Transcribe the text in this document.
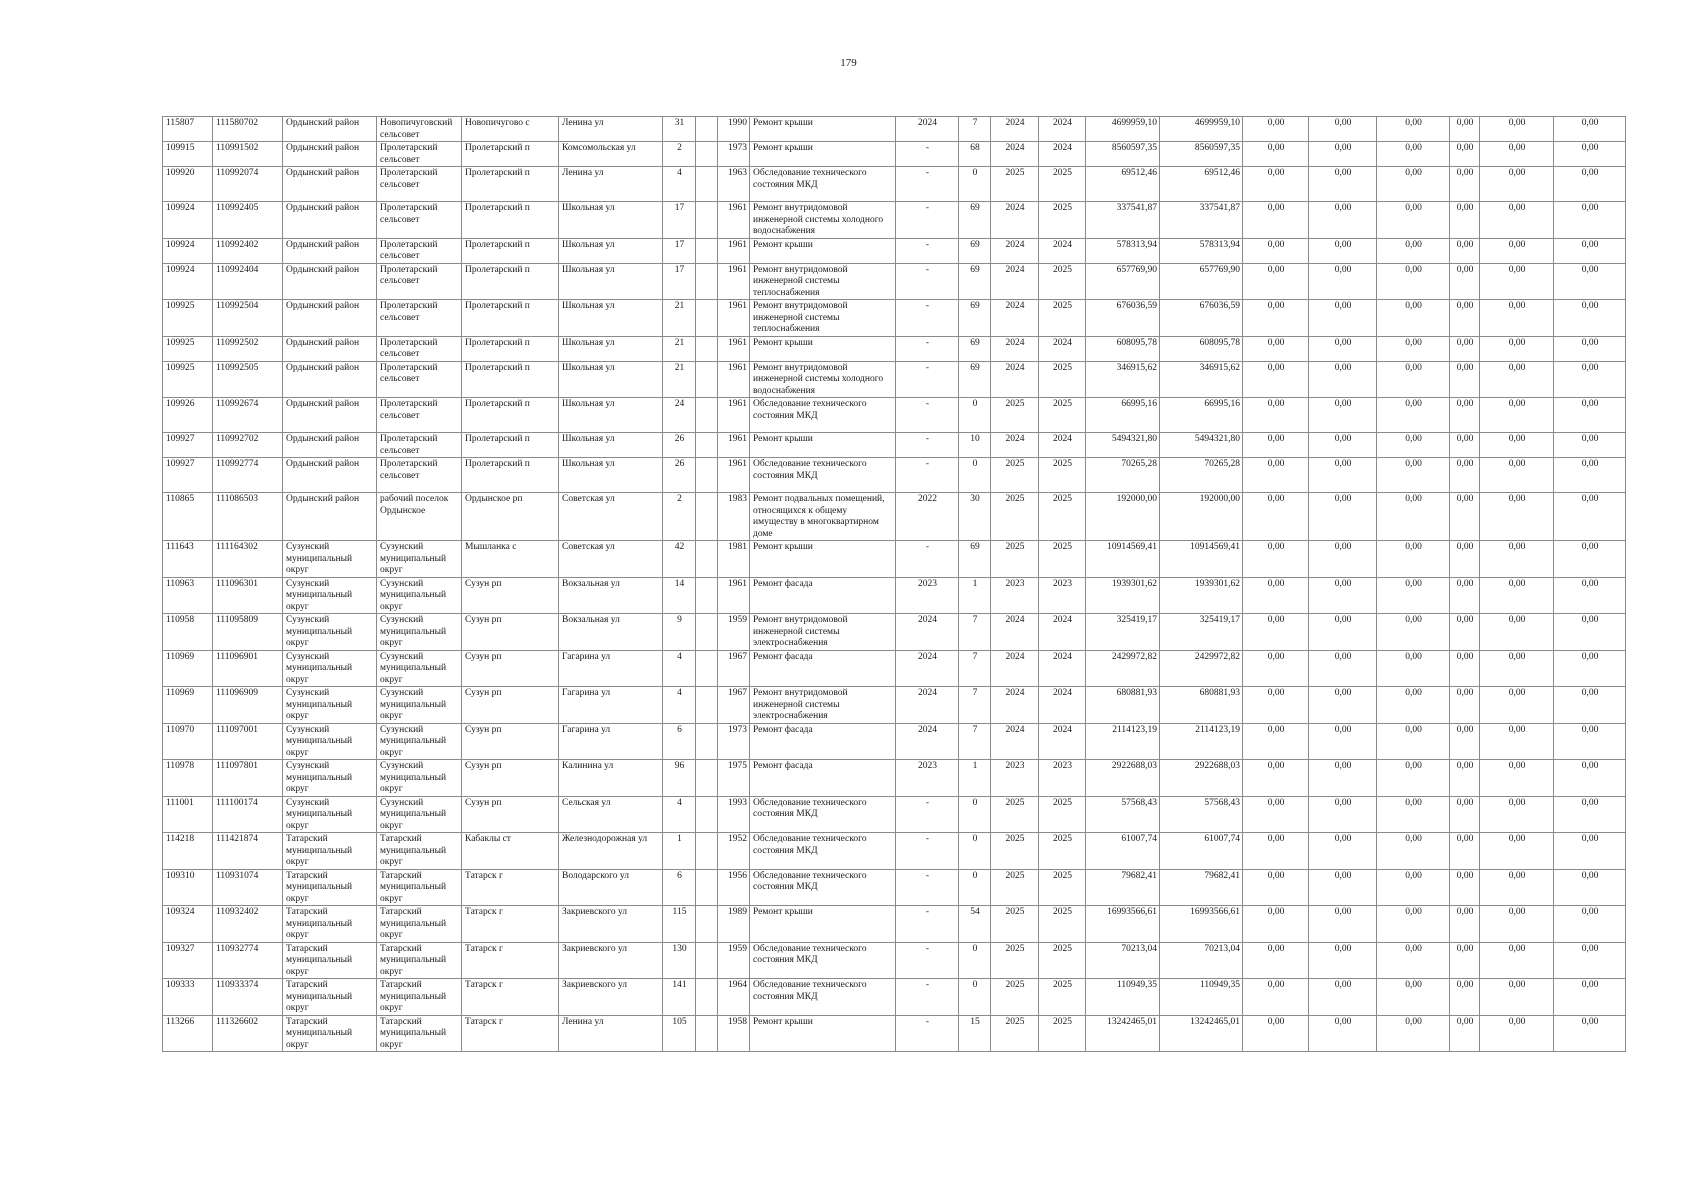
179
115807	111580702	Ордынский район	Новопичуговский сельсовет	Новопичугово с	Ленина ул	31		1990	Ремонт крыши	2024	7	2024	2024	4699959,10	4699959,10	0,00	0,00	0,00	0,00	0,00	0,00
109915	110991502	Ордынский район	Пролетарский сельсовет	Пролетарский п	Комсомольская ул	2		1973	Ремонт крыши	-	68	2024	2024	8560597,35	8560597,35	0,00	0,00	0,00	0,00	0,00	0,00
109920	110992074	Ордынский район	Пролетарский сельсовет	Пролетарский п	Ленина ул	4		1963	Обследование технического состояния МКД	-	0	2025	2025	69512,46	69512,46	0,00	0,00	0,00	0,00	0,00	0,00
109924	110992405	Ордынский район	Пролетарский сельсовет	Пролетарский п	Школьная ул	17		1961	Ремонт внутридомовой инженерной системы холодного водоснабжения	-	69	2024	2025	337541,87	337541,87	0,00	0,00	0,00	0,00	0,00	0,00
109924	110992402	Ордынский район	Пролетарский сельсовет	Пролетарский п	Школьная ул	17		1961	Ремонт крыши	-	69	2024	2024	578313,94	578313,94	0,00	0,00	0,00	0,00	0,00	0,00
109924	110992404	Ордынский район	Пролетарский сельсовет	Пролетарский п	Школьная ул	17		1961	Ремонт внутридомовой инженерной системы теплоснабжения	-	69	2024	2025	657769,90	657769,90	0,00	0,00	0,00	0,00	0,00	0,00
109925	110992504	Ордынский район	Пролетарский сельсовет	Пролетарский п	Школьная ул	21		1961	Ремонт внутридомовой инженерной системы теплоснабжения	-	69	2024	2025	676036,59	676036,59	0,00	0,00	0,00	0,00	0,00	0,00
109925	110992502	Ордынский район	Пролетарский сельсовет	Пролетарский п	Школьная ул	21		1961	Ремонт крыши	-	69	2024	2024	608095,78	608095,78	0,00	0,00	0,00	0,00	0,00	0,00
109925	110992505	Ордынский район	Пролетарский сельсовет	Пролетарский п	Школьная ул	21		1961	Ремонт внутридомовой инженерной системы холодного водоснабжения	-	69	2024	2025	346915,62	346915,62	0,00	0,00	0,00	0,00	0,00	0,00
109926	110992674	Ордынский район	Пролетарский сельсовет	Пролетарский п	Школьная ул	24		1961	Обследование технического состояния МКД	-	0	2025	2025	66995,16	66995,16	0,00	0,00	0,00	0,00	0,00	0,00
109927	110992702	Ордынский район	Пролетарский сельсовет	Пролетарский п	Школьная ул	26		1961	Ремонт крыши	-	10	2024	2024	5494321,80	5494321,80	0,00	0,00	0,00	0,00	0,00	0,00
109927	110992774	Ордынский район	Пролетарский сельсовет	Пролетарский п	Школьная ул	26		1961	Обследование технического состояния МКД	-	0	2025	2025	70265,28	70265,28	0,00	0,00	0,00	0,00	0,00	0,00
110865	111086503	Ордынский район	рабочий поселок Ордынское	Ордынское рп	Советская ул	2		1983	Ремонт подвальных помещений, относящихся к общему имуществу в многоквартирном доме	2022	30	2025	2025	192000,00	192000,00	0,00	0,00	0,00	0,00	0,00	0,00
111643	111164302	Сузунский муниципальный округ	Сузунский муниципальный округ	Мышланка с	Советская ул	42		1981	Ремонт крыши	-	69	2025	2025	10914569,41	10914569,41	0,00	0,00	0,00	0,00	0,00	0,00
110963	111096301	Сузунский муниципальный округ	Сузунский муниципальный округ	Сузун рп	Вокзальная ул	14		1961	Ремонт фасада	2023	1	2023	2023	1939301,62	1939301,62	0,00	0,00	0,00	0,00	0,00	0,00
110958	111095809	Сузунский муниципальный округ	Сузунский муниципальный округ	Сузун рп	Вокзальная ул	9		1959	Ремонт внутридомовой инженерной системы электроснабжения	2024	7	2024	2024	325419,17	325419,17	0,00	0,00	0,00	0,00	0,00	0,00
110969	111096901	Сузунский муниципальный округ	Сузунский муниципальный округ	Сузун рп	Гагарина ул	4		1967	Ремонт фасада	2024	7	2024	2024	2429972,82	2429972,82	0,00	0,00	0,00	0,00	0,00	0,00
110969	111096909	Сузунский муниципальный округ	Сузунский муниципальный округ	Сузун рп	Гагарина ул	4		1967	Ремонт внутридомовой инженерной системы электроснабжения	2024	7	2024	2024	680881,93	680881,93	0,00	0,00	0,00	0,00	0,00	0,00
110970	111097001	Сузунский муниципальный округ	Сузунский муниципальный округ	Сузун рп	Гагарина ул	6		1973	Ремонт фасада	2024	7	2024	2024	2114123,19	2114123,19	0,00	0,00	0,00	0,00	0,00	0,00
110978	111097801	Сузунский муниципальный округ	Сузунский муниципальный округ	Сузун рп	Калинина ул	96		1975	Ремонт фасада	2023	1	2023	2023	2922688,03	2922688,03	0,00	0,00	0,00	0,00	0,00	0,00
111001	111100174	Сузунский муниципальный округ	Сузунский муниципальный округ	Сузун рп	Сельская ул	4		1993	Обследование технического состояния МКД	-	0	2025	2025	57568,43	57568,43	0,00	0,00	0,00	0,00	0,00	0,00
114218	111421874	Татарский муниципальный округ	Татарский муниципальный округ	Кабаклы ст	Железнодорожная ул	1		1952	Обследование технического состояния МКД	-	0	2025	2025	61007,74	61007,74	0,00	0,00	0,00	0,00	0,00	0,00
109310	110931074	Татарский муниципальный округ	Татарский муниципальный округ	Татарск г	Володарского ул	6		1956	Обследование технического состояния МКД	-	0	2025	2025	79682,41	79682,41	0,00	0,00	0,00	0,00	0,00	0,00
109324	110932402	Татарский муниципальный округ	Татарский муниципальный округ	Татарск г	Закриевского ул	115		1989	Ремонт крыши	-	54	2025	2025	16993566,61	16993566,61	0,00	0,00	0,00	0,00	0,00	0,00
109327	110932774	Татарский муниципальный округ	Татарский муниципальный округ	Татарск г	Закриевского ул	130		1959	Обследование технического состояния МКД	-	0	2025	2025	70213,04	70213,04	0,00	0,00	0,00	0,00	0,00	0,00
109333	110933374	Татарский муниципальный округ	Татарский муниципальный округ	Татарск г	Закриевского ул	141		1964	Обследование технического состояния МКД	-	0	2025	2025	110949,35	110949,35	0,00	0,00	0,00	0,00	0,00	0,00
113266	111326602	Татарский муниципальный округ	Татарский муниципальный округ	Татарск г	Ленина ул	105		1958	Ремонт крыши	-	15	2025	2025	13242465,01	13242465,01	0,00	0,00	0,00	0,00	0,00	0,00
